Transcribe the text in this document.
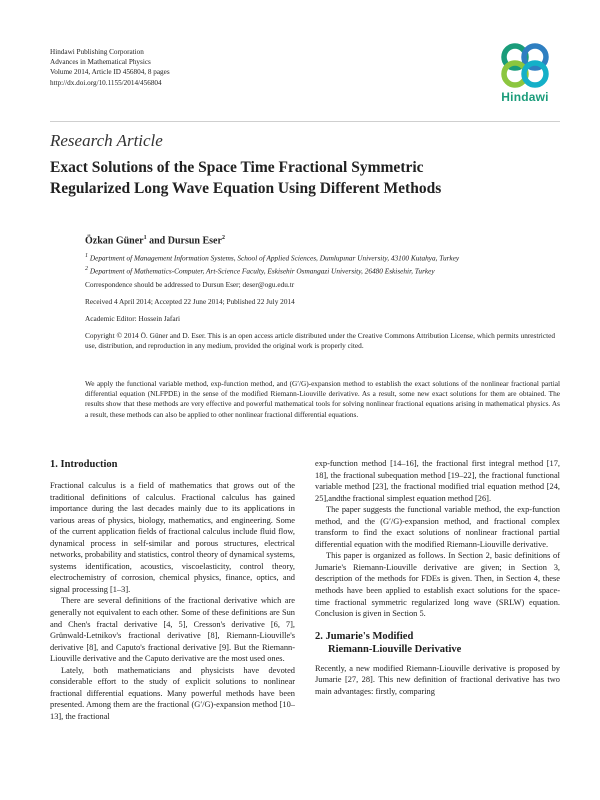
Hindawi Publishing Corporation
Advances in Mathematical Physics
Volume 2014, Article ID 456804, 8 pages
http://dx.doi.org/10.1155/2014/456804
Hindawi
Research Article
Exact Solutions of the Space Time Fractional Symmetric
Regularized Long Wave Equation Using Different Methods
Özkan Güner$^1$ and Dursun Eser$^2$
$^1$ Department of Management Information Systems, School of Applied Sciences, Dumlupınar University, 43100 Kutahya, Turkey
$^2$ Department of Mathematics-Computer, Art-Science Faculty, Eskisehir Osmangazi University, 26480 Eskisehir, Turkey
Correspondence should be addressed to Dursun Eser; deser@ogu.edu.tr
Received 4 April 2014; Accepted 22 June 2014; Published 22 July 2014
Academic Editor: Hossein Jafari
Copyright © 2014 Ö. Güner and D. Eser. This is an open access article distributed under the Creative Commons Attribution License, which permits unrestricted use, distribution, and reproduction in any medium, provided the original work is properly cited.
We apply the functional variable method, exp-function method, and (G′/G)-expansion method to establish the exact solutions of the nonlinear fractional partial differential equation (NLFPDE) in the sense of the modified Riemann-Liouville derivative. As a result, some new exact solutions for them are obtained. The results show that these methods are very effective and powerful mathematical tools for solving nonlinear fractional equations arising in mathematical physics. As a result, these methods can also be applied to other nonlinear fractional differential equations.
1. Introduction

Fractional calculus is a field of mathematics that grows out of the traditional definitions of calculus. Fractional calculus has gained importance during the last decades mainly due to its applications in various areas of physics, biology, mathematics, and engineering. Some of the current application fields of fractional calculus include fluid flow, dynamical process in self-similar and porous structures, electrical networks, probability and statistics, control theory of dynamical systems, systems identification, acoustics, viscoelasticity, control theory, electrochemistry of corrosion, chemical physics, finance, optics, and signal processing [1–3].

There are several definitions of the fractional derivative which are generally not equivalent to each other. Some of these definitions are Sun and Chen's fractal derivative [4, 5], Cresson's derivative [6, 7], Grünwald-Letnikov's fractional derivative [8], Riemann-Liouville's derivative [8], and Caputo's fractional derivative [9]. But the Riemann-Liouville derivative and the Caputo derivative are the most used ones.

Lately, both mathematicians and physicists have devoted considerable effort to the study of explicit solutions to nonlinear fractional differential equations. Many powerful methods have been presented. Among them are the fractional (G′/G)-expansion method [10–13], the fractional

exp-function method [14–16], the fractional first integral method [17, 18], the fractional subequation method [19–22], the fractional functional variable method [23], the fractional modified trial equation method [24, 25],andthe fractional simplest equation method [26].

The paper suggests the functional variable method, the exp-function method, and the (G′/G)-expansion method, and fractional complex transform to find the exact solutions of nonlinear fractional partial differential equation with the modified Riemann-Liouville derivative.

This paper is organized as follows. In Section 2, basic definitions of Jumarie's Riemann-Liouville derivative are given; in Section 3, description of the methods for FDEs is given. Then, in Section 4, these methods have been applied to establish exact solutions for the space-time fractional symmetric regularized long wave (SRLW) equation. Conclusion is given in Section 5.

2. Jumarie's Modified
Riemann-Liouville Derivative

Recently, a new modified Riemann-Liouville derivative is proposed by Jumarie [27, 28]. This new definition of fractional derivative has two main advantages: firstly, comparing
